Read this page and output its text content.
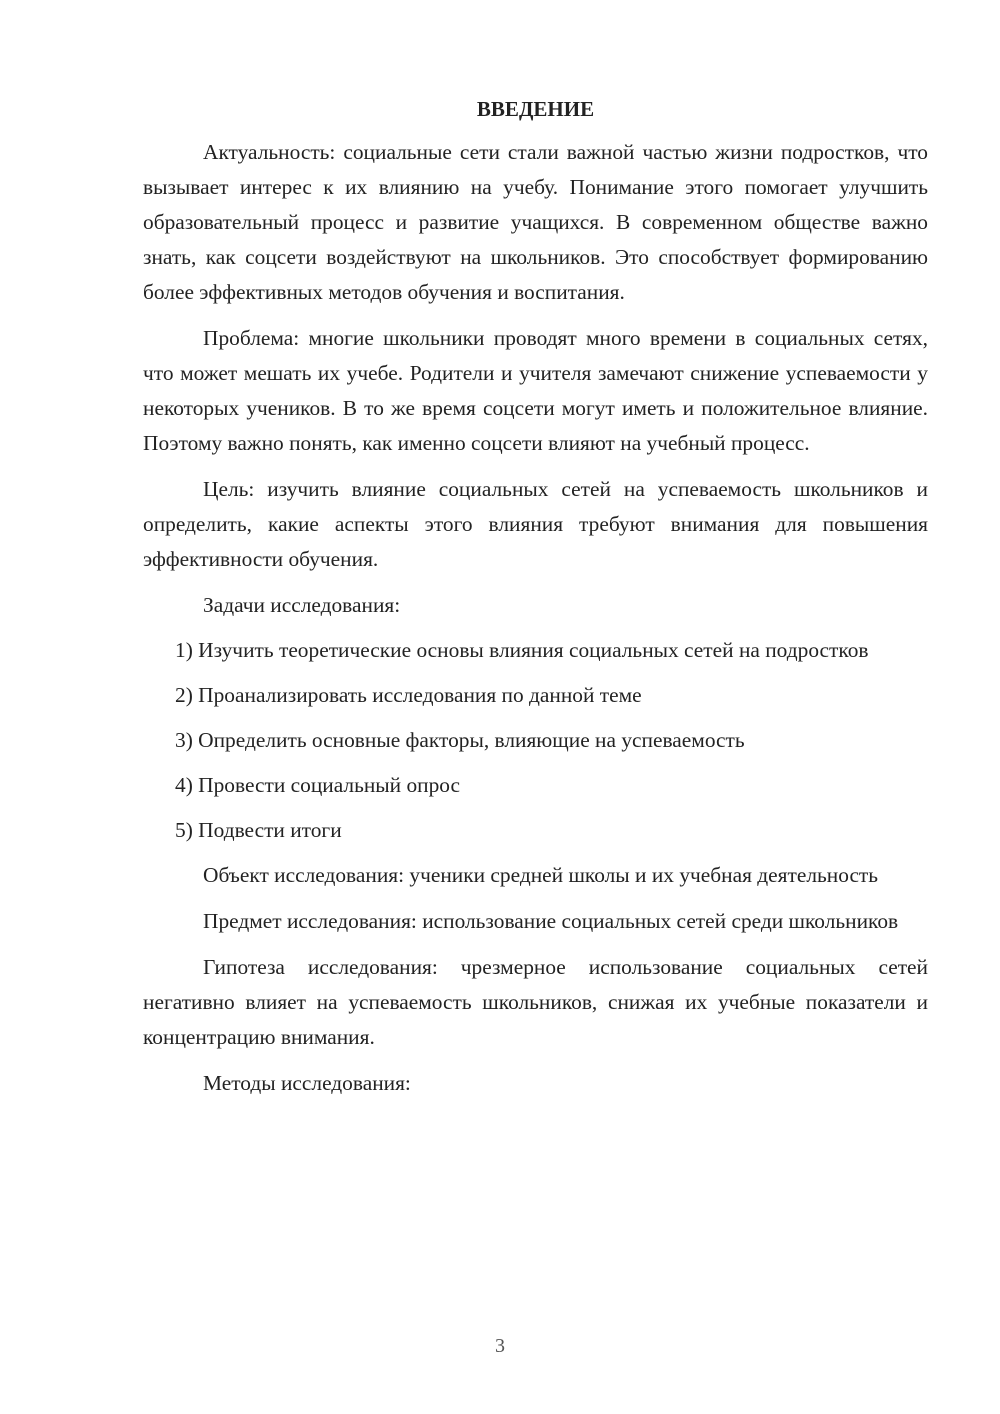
ВВЕДЕНИЕ

Актуальность: социальные сети стали важной частью жизни подростков, что вызывает интерес к их влиянию на учебу. Понимание этого помогает улучшить образовательный процесс и развитие учащихся. В современном обществе важно знать, как соцсети воздействуют на школьников. Это способствует формированию более эффективных методов обучения и воспитания.

Проблема: многие школьники проводят много времени в социальных сетях, что может мешать их учебе. Родители и учителя замечают снижение успеваемости у некоторых учеников. В то же время соцсети могут иметь и положительное влияние. Поэтому важно понять, как именно соцсети влияют на учебный процесс.

Цель: изучить влияние социальных сетей на успеваемость школьников и определить, какие аспекты этого влияния требуют внимания для повышения эффективности обучения.

Задачи исследования:

1) Изучить теоретические основы влияния социальных сетей на подростков

2) Проанализировать исследования по данной теме

3) Определить основные факторы, влияющие на успеваемость

4) Провести социальный опрос

5) Подвести итоги

Объект исследования: ученики средней школы и их учебная деятельность

Предмет исследования: использование социальных сетей среди школьников

Гипотеза исследования: чрезмерное использование социальных сетей негативно влияет на успеваемость школьников, снижая их учебные показатели и концентрацию внимания.

Методы исследования:

3
